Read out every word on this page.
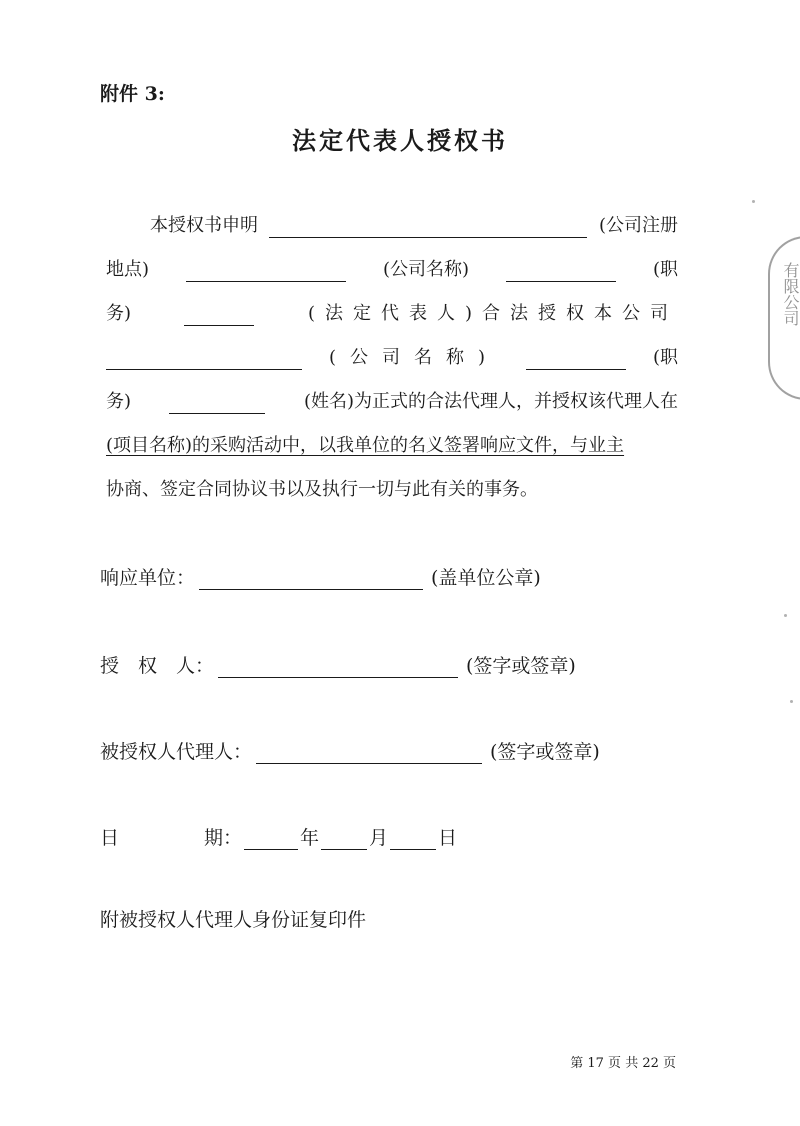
附件 3:
法定代表人授权书
本授权书申明	(公司注册
地点)	(公司名称)	(职
务)	(法定代表人)合法授权本公司
(公司名称)	(职
务)	(姓名)为正式的合法代理人，并授权该代理人在
(项目名称)的采购活动中，以我单位的名义签署响应文件，与业主
协商、签定合同协议书以及执行一切与此有关的事务。
响应单位：	(盖单位公章)
授　权　人：	(签字或签章)
被授权人代理人：	(签字或签章)
日	期：	年	月	日
附被授权人代理人身份证复印件
第 17 页 共 22 页
有限公司
